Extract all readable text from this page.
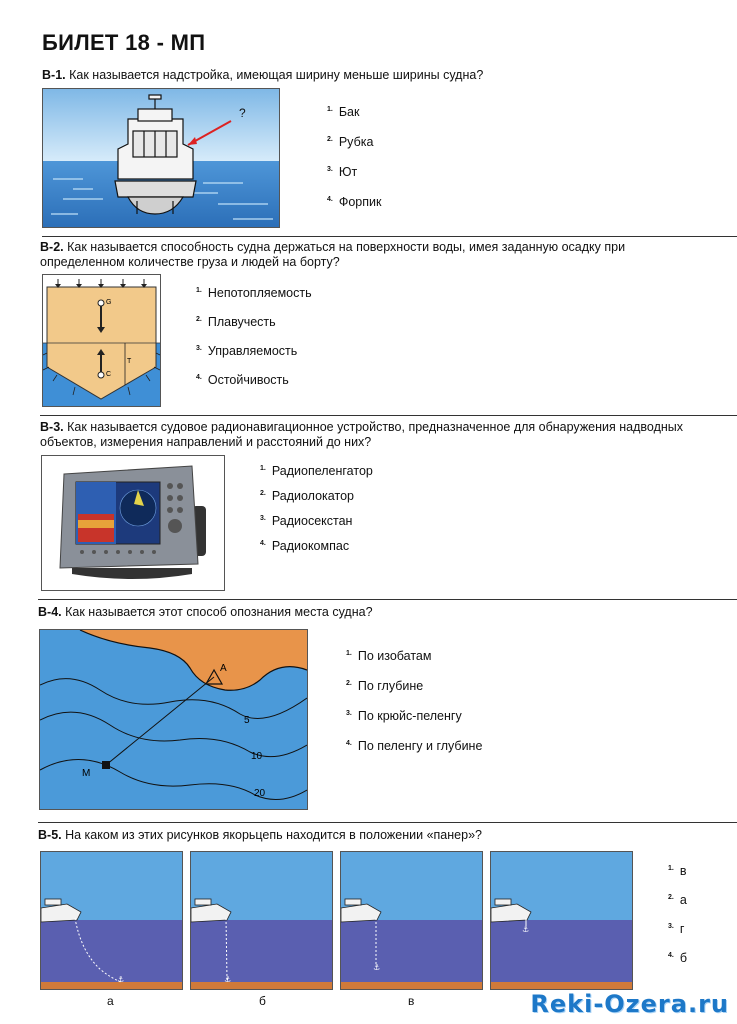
БИЛЕТ 18 - МП
В-1. Как называется надстройка, имеющая ширину меньше ширины судна?
?	1. Бак
2. Рубка
3. Ют
4. Форпик
В-2. Как называется способность судна держаться на поверхности воды, имея заданную осадку при
определенном количестве груза и людей на борту?
G
C
T
1. Непотопляемость
2. Плавучесть
3. Управляемость
4. Остойчивость
В-3. Как называется судовое радионавигационное устройство, предназначенное для обнаружения надводных
объектов, измерения направлений и расстояний до них?
1. Радиопеленгатор
2. Радиолокатор
3. Радиосекстан
4. Радиокомпас
В-4. Как называется этот способ опознания места судна?
A
M
5
10
20
1. По изобатам
2. По глубине
3. По крюйс-пеленгу
4. По пеленгу и глубине
В-5. На каком из этих рисунков якорьцепь находится в положении «панер»?
⚓	⚓
⚓
⚓
а	б	в
1. в
2. а
3. г
4. б
Reki-Ozera.ru
